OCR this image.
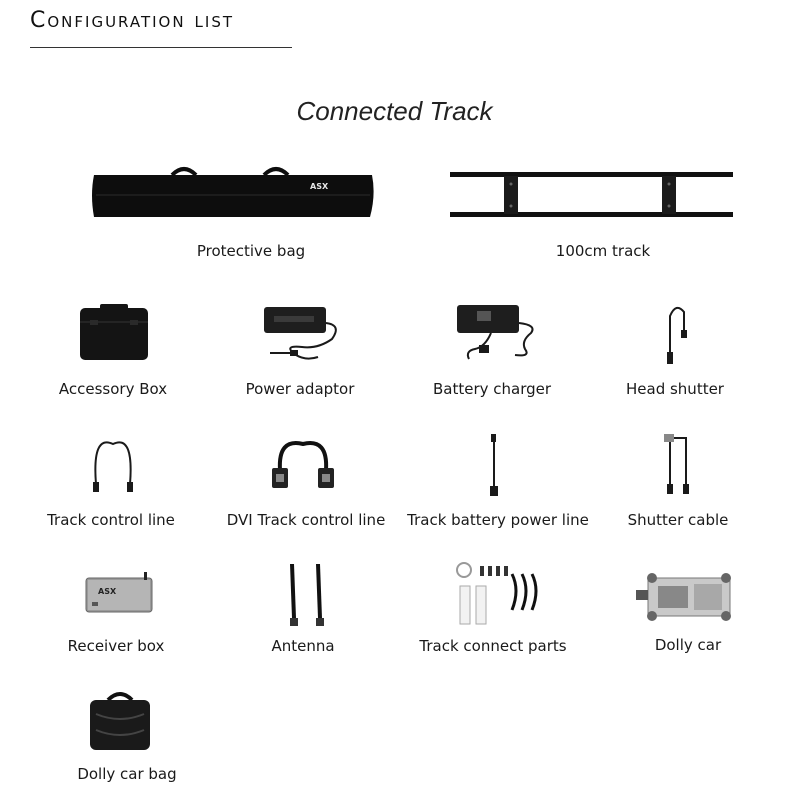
Configuration list
Connected Track
ASX
Protective bag	100cm track
Accessory Box	Power adaptor	Battery charger	Head shutter
Track control line	DVI Track control line	Track battery power line	Shutter cable
ASX
Receiver box	Antenna	Track connect parts	Dolly car
Dolly car bag
